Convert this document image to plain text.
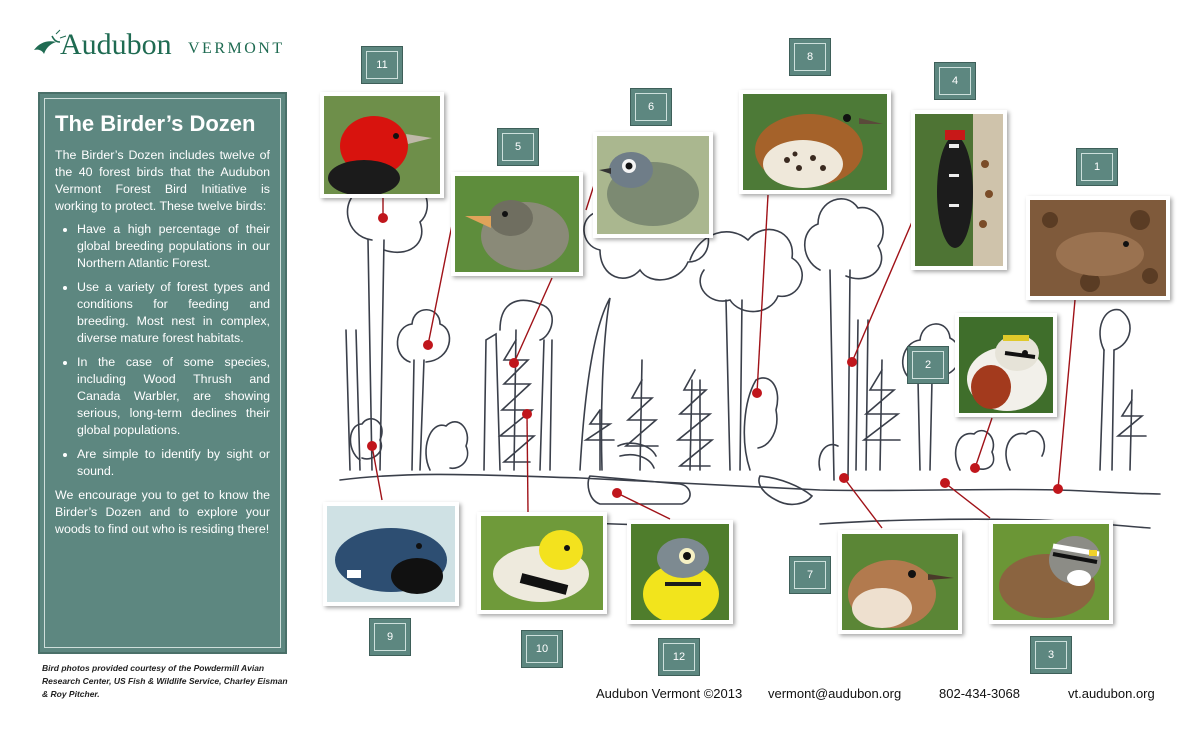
Audubon VERMONT
The Birder’s Dozen

The Birder’s Dozen includes twelve of the 40 forest birds that the Audubon Vermont Forest Bird Initiative is working to protect. These twelve birds:

• Have a high percentage of their global breeding populations in our Northern Atlantic Forest.
• Use a variety of forest types and conditions for feeding and breeding. Most nest in complex, diverse mature forest habitats.
• In the case of some species, including Wood Thrush and Canada Warbler, are showing serious, long-term declines their global populations.
• Are simple to identify by sight or sound.

We encourage you to get to know the Birder’s Dozen and to explore your woods to find out who is residing there!

Bird photos provided courtesy of the Powdermill Avian Research Center, US Fish & Wildlife Service, Charley Eisman & Roy Pitcher.
1
2
3
4
5
6
7
8
9
10
11
12
Audubon Vermont ©2013 vermont@audubon.org	802-434-3068	vt.audubon.org
